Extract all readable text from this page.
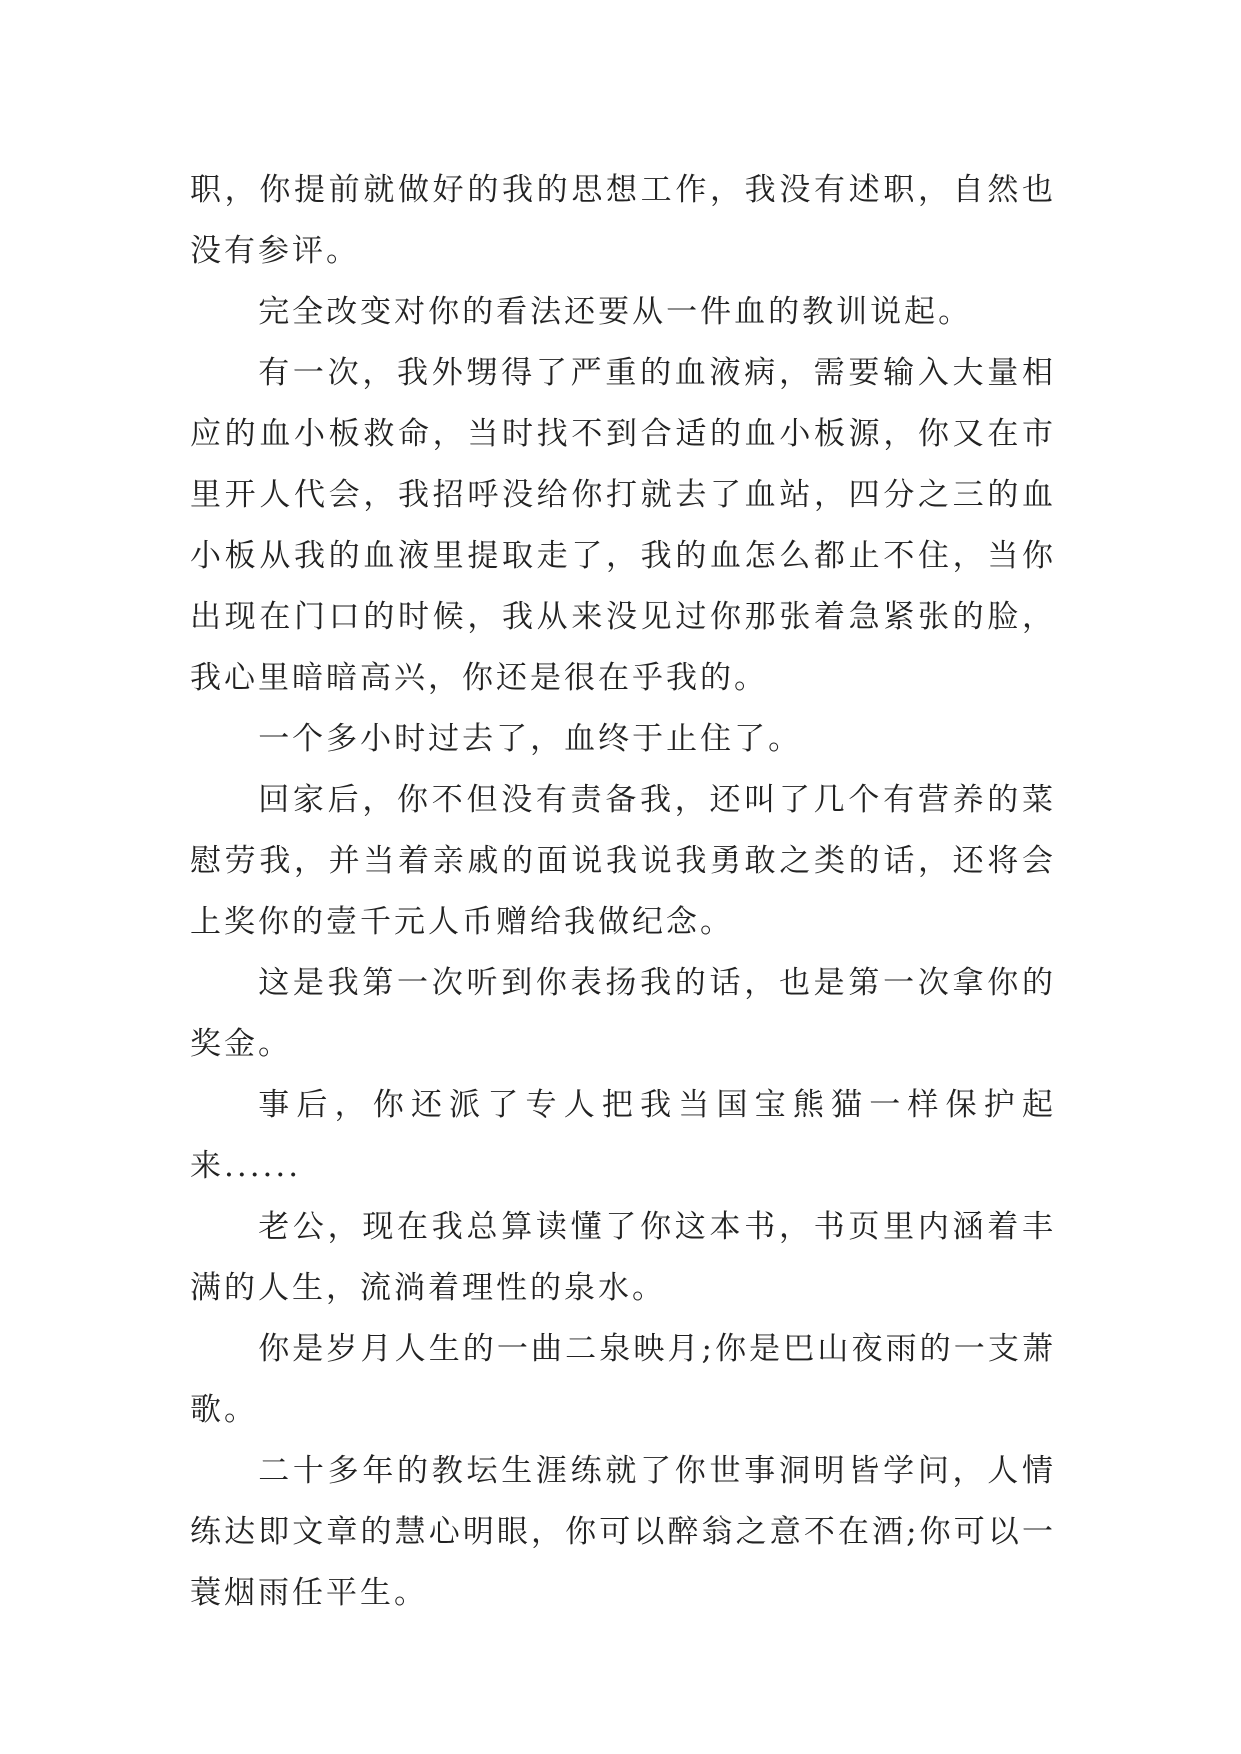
职，你提前就做好的我的思想工作，我没有述职，自然也没有参评。

完全改变对你的看法还要从一件血的教训说起。

有一次，我外甥得了严重的血液病，需要输入大量相应的血小板救命，当时找不到合适的血小板源，你又在市里开人代会，我招呼没给你打就去了血站，四分之三的血小板从我的血液里提取走了，我的血怎么都止不住，当你出现在门口的时候，我从来没见过你那张着急紧张的脸，我心里暗暗高兴，你还是很在乎我的。

一个多小时过去了，血终于止住了。

回家后，你不但没有责备我，还叫了几个有营养的菜慰劳我，并当着亲戚的面说我说我勇敢之类的话，还将会上奖你的壹千元人币赠给我做纪念。

这是我第一次听到你表扬我的话，也是第一次拿你的奖金。

事后，你还派了专人把我当国宝熊猫一样保护起来......

老公，现在我总算读懂了你这本书，书页里内涵着丰满的人生，流淌着理性的泉水。

你是岁月人生的一曲二泉映月;你是巴山夜雨的一支萧歌。

二十多年的教坛生涯练就了你世事洞明皆学问，人情练达即文章的慧心明眼，你可以醉翁之意不在酒;你可以一蓑烟雨任平生。
